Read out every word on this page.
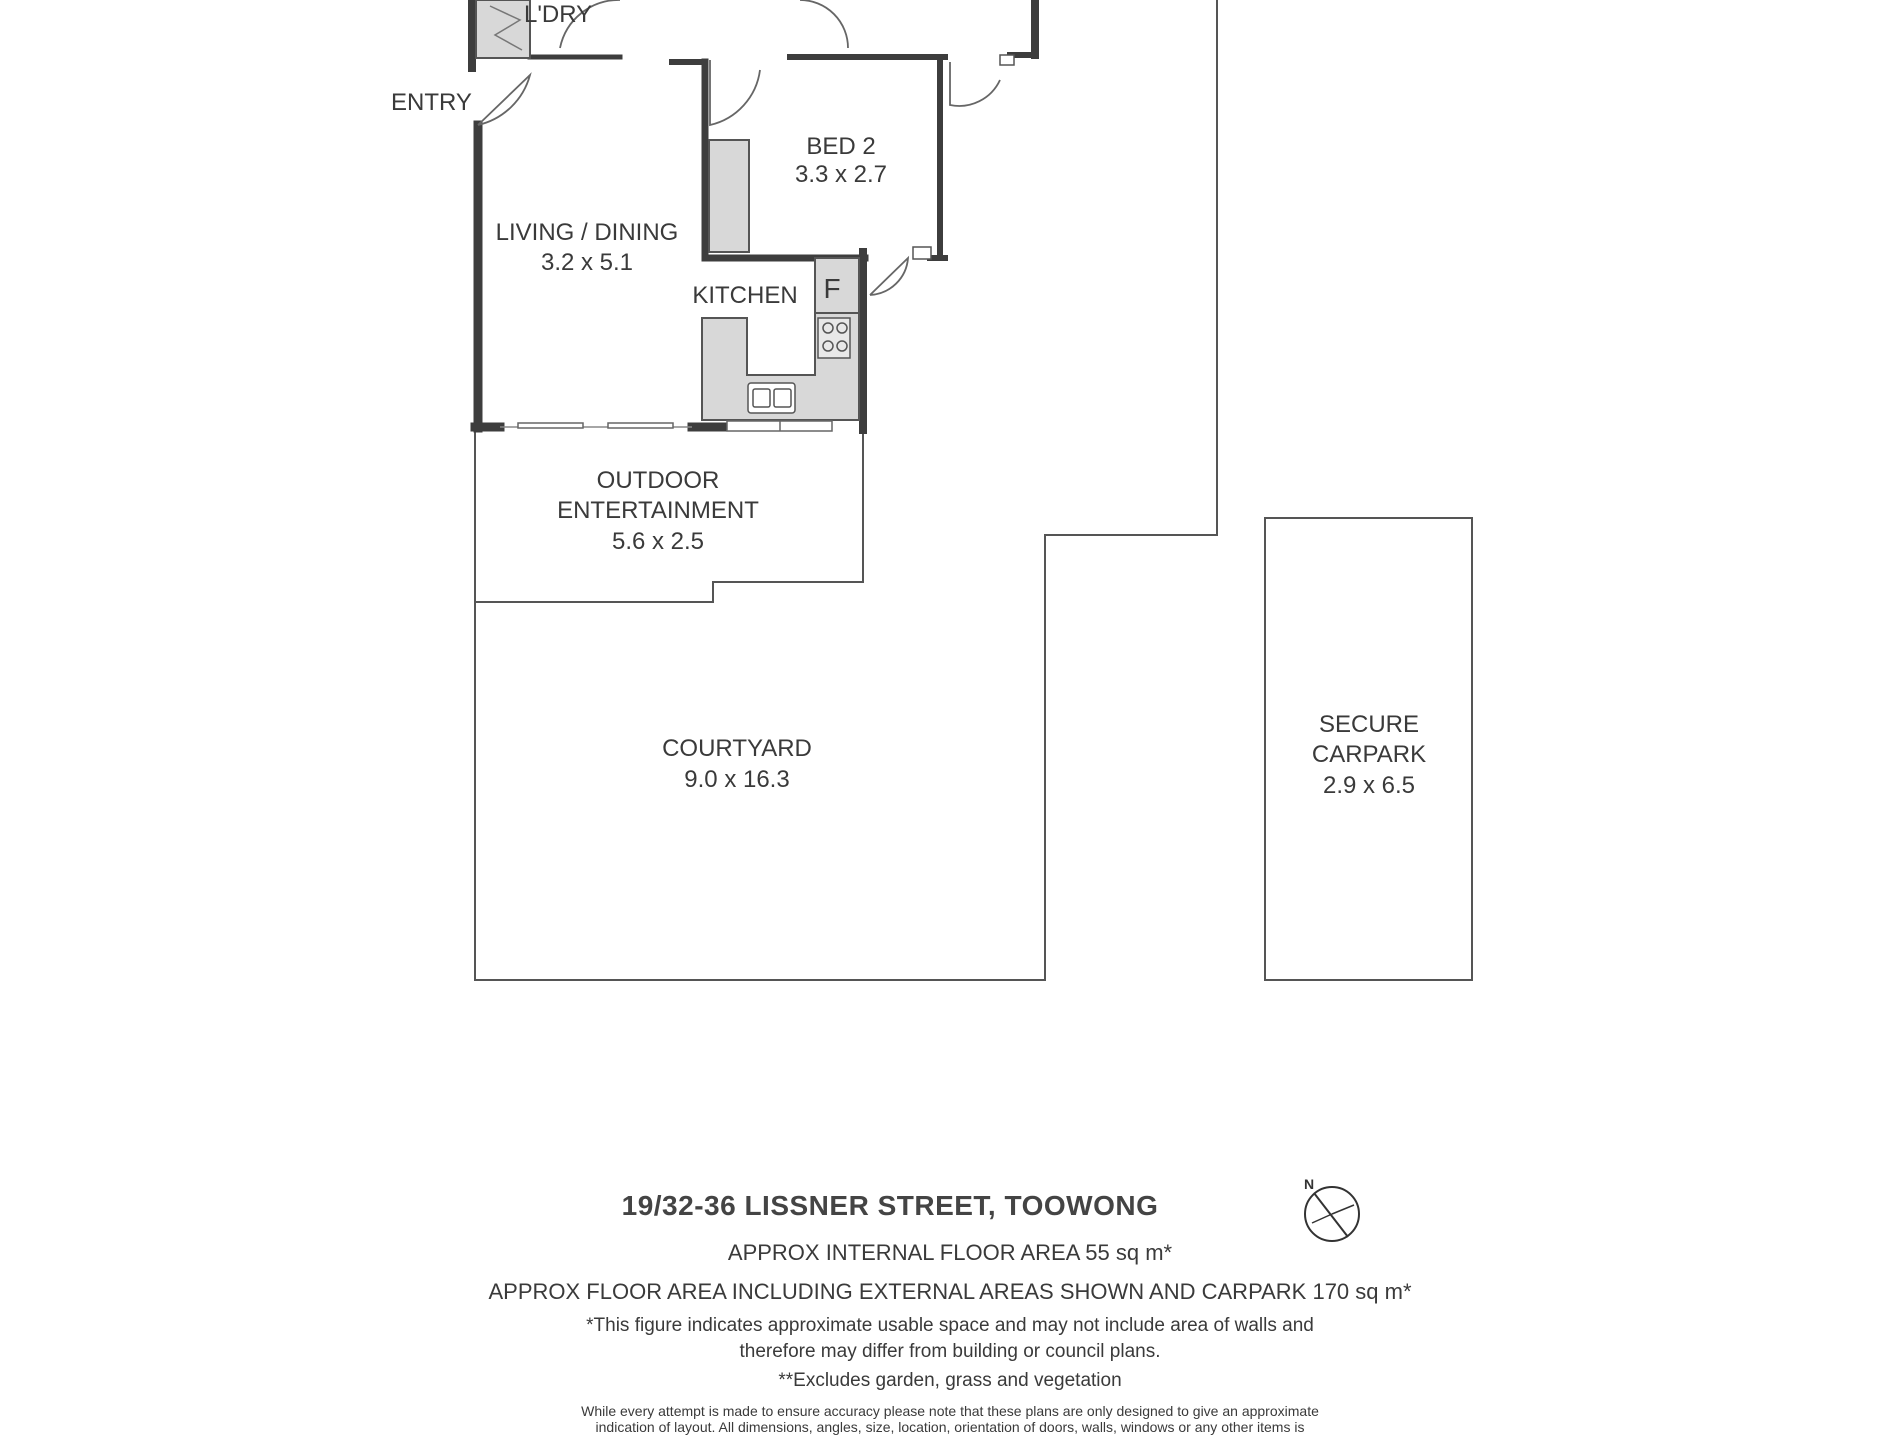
L'DRY
ENTRY
BED 2
3.3 x 2.7
LIVING / DINING
3.2 x 5.1
KITCHEN F
OUTDOOR
ENTERTAINMENT
5.6 x 2.5
COURTYARD
9.0 x 16.3
SECURE
CARPARK
2.9 x 6.5
19/32-36 LISSNER STREET, TOOWONG
APPROX INTERNAL FLOOR AREA 55 sq m*
APPROX FLOOR AREA INCLUDING EXTERNAL AREAS SHOWN AND CARPARK 170 sq m*
*This figure indicates approximate usable space and may not include area of walls and
therefore may differ from building or council plans.
**Excludes garden, grass and vegetation
While every attempt is made to ensure accuracy please note that these plans are only designed to give an approximate
indication of layout. All dimensions, angles, size, location, orientation of doors, walls, windows or any other items is
N
